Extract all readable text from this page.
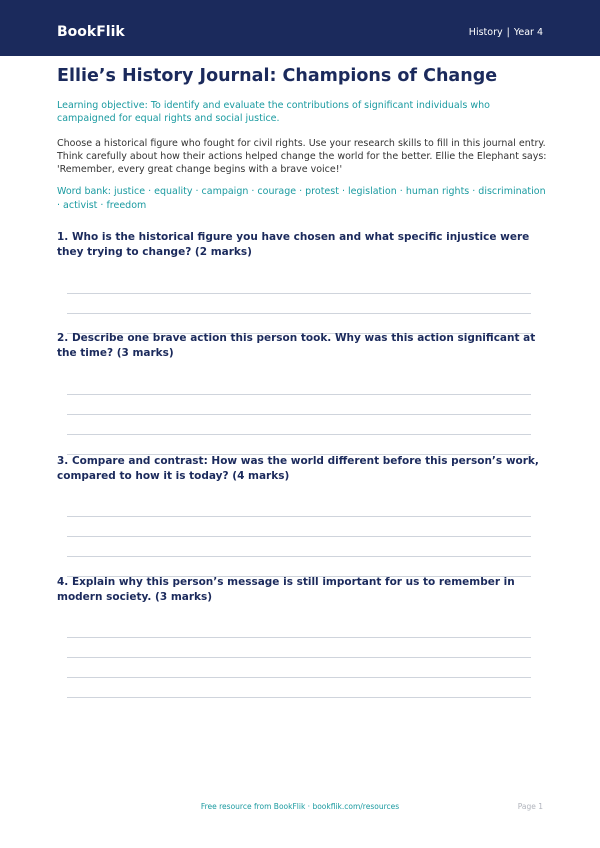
BookFlik	History | Year 4
Ellie’s History Journal: Champions of Change

Learning objective: To identify and evaluate the contributions of significant individuals who campaigned for equal rights and social justice.

Choose a historical figure who fought for civil rights. Use your research skills to fill in this journal entry. Think carefully about how their actions helped change the world for the better. Ellie the Elephant says: 'Remember, every great change begins with a brave voice!'

Word bank: justice · equality · campaign · courage · protest · legislation · human rights · discrimination · activist · freedom

1. Who is the historical figure you have chosen and what specific injustice were they trying to change? (2 marks)

2. Describe one brave action this person took. Why was this action significant at the time? (3 marks)

3. Compare and contrast: How was the world different before this person’s work, compared to how it is today? (4 marks)

4. Explain why this person’s message is still important for us to remember in modern society. (3 marks)

Free resource from BookFlik · bookflik.com/resources	Page 1
